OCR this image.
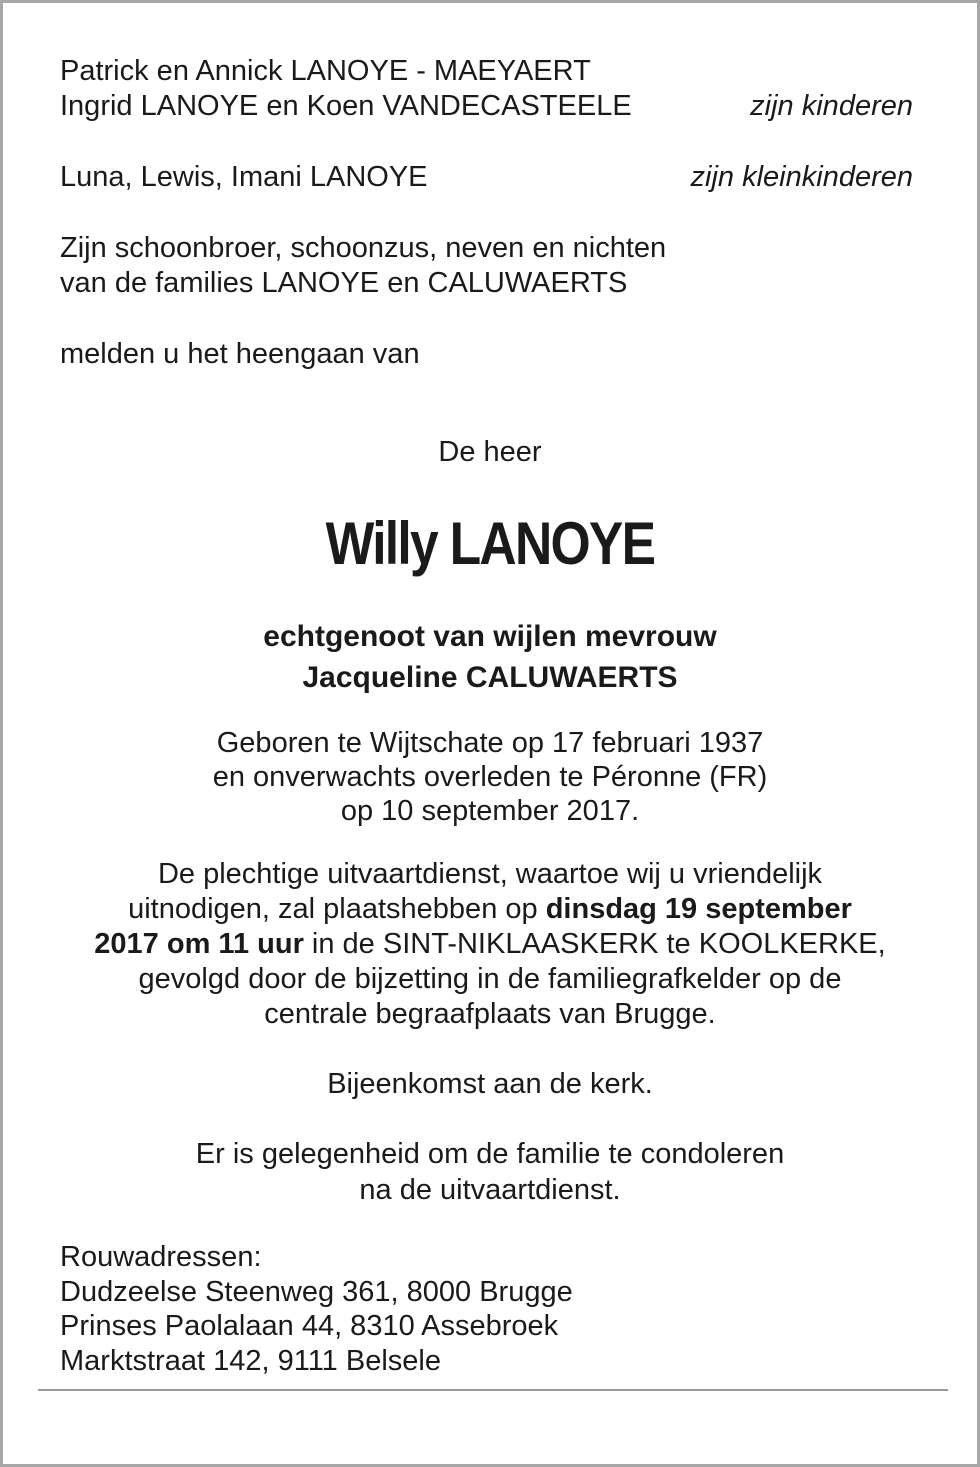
Patrick en Annick LANOYE - MAEYAERT

Ingrid LANOYE en Koen VANDECASTEELE	zijn kinderen

Luna, Lewis, Imani LANOYE	zijn kleinkinderen

Zijn schoonbroer, schoonzus, neven en nichten

van de families LANOYE en CALUWAERTS

melden u het heengaan van

De heer

Willy LANOYE

echtgenoot van wijlen mevrouw

Jacqueline CALUWAERTS

Geboren te Wijtschate op 17 februari 1937

en onverwachts overleden te Péronne (FR)

op 10 september 2017.

De plechtige uitvaartdienst, waartoe wij u vriendelijk

uitnodigen, zal plaatshebben op dinsdag 19 september

2017 om 11 uur in de SINT-NIKLAASKERK te KOOLKERKE,

gevolgd door de bijzetting in de familiegrafkelder op de

centrale begraafplaats van Brugge.

Bijeenkomst aan de kerk.

Er is gelegenheid om de familie te condoleren

na de uitvaartdienst.

Rouwadressen:

Dudzeelse Steenweg 361, 8000 Brugge

Prinses Paolalaan 44, 8310 Assebroek

Marktstraat 142, 9111 Belsele
